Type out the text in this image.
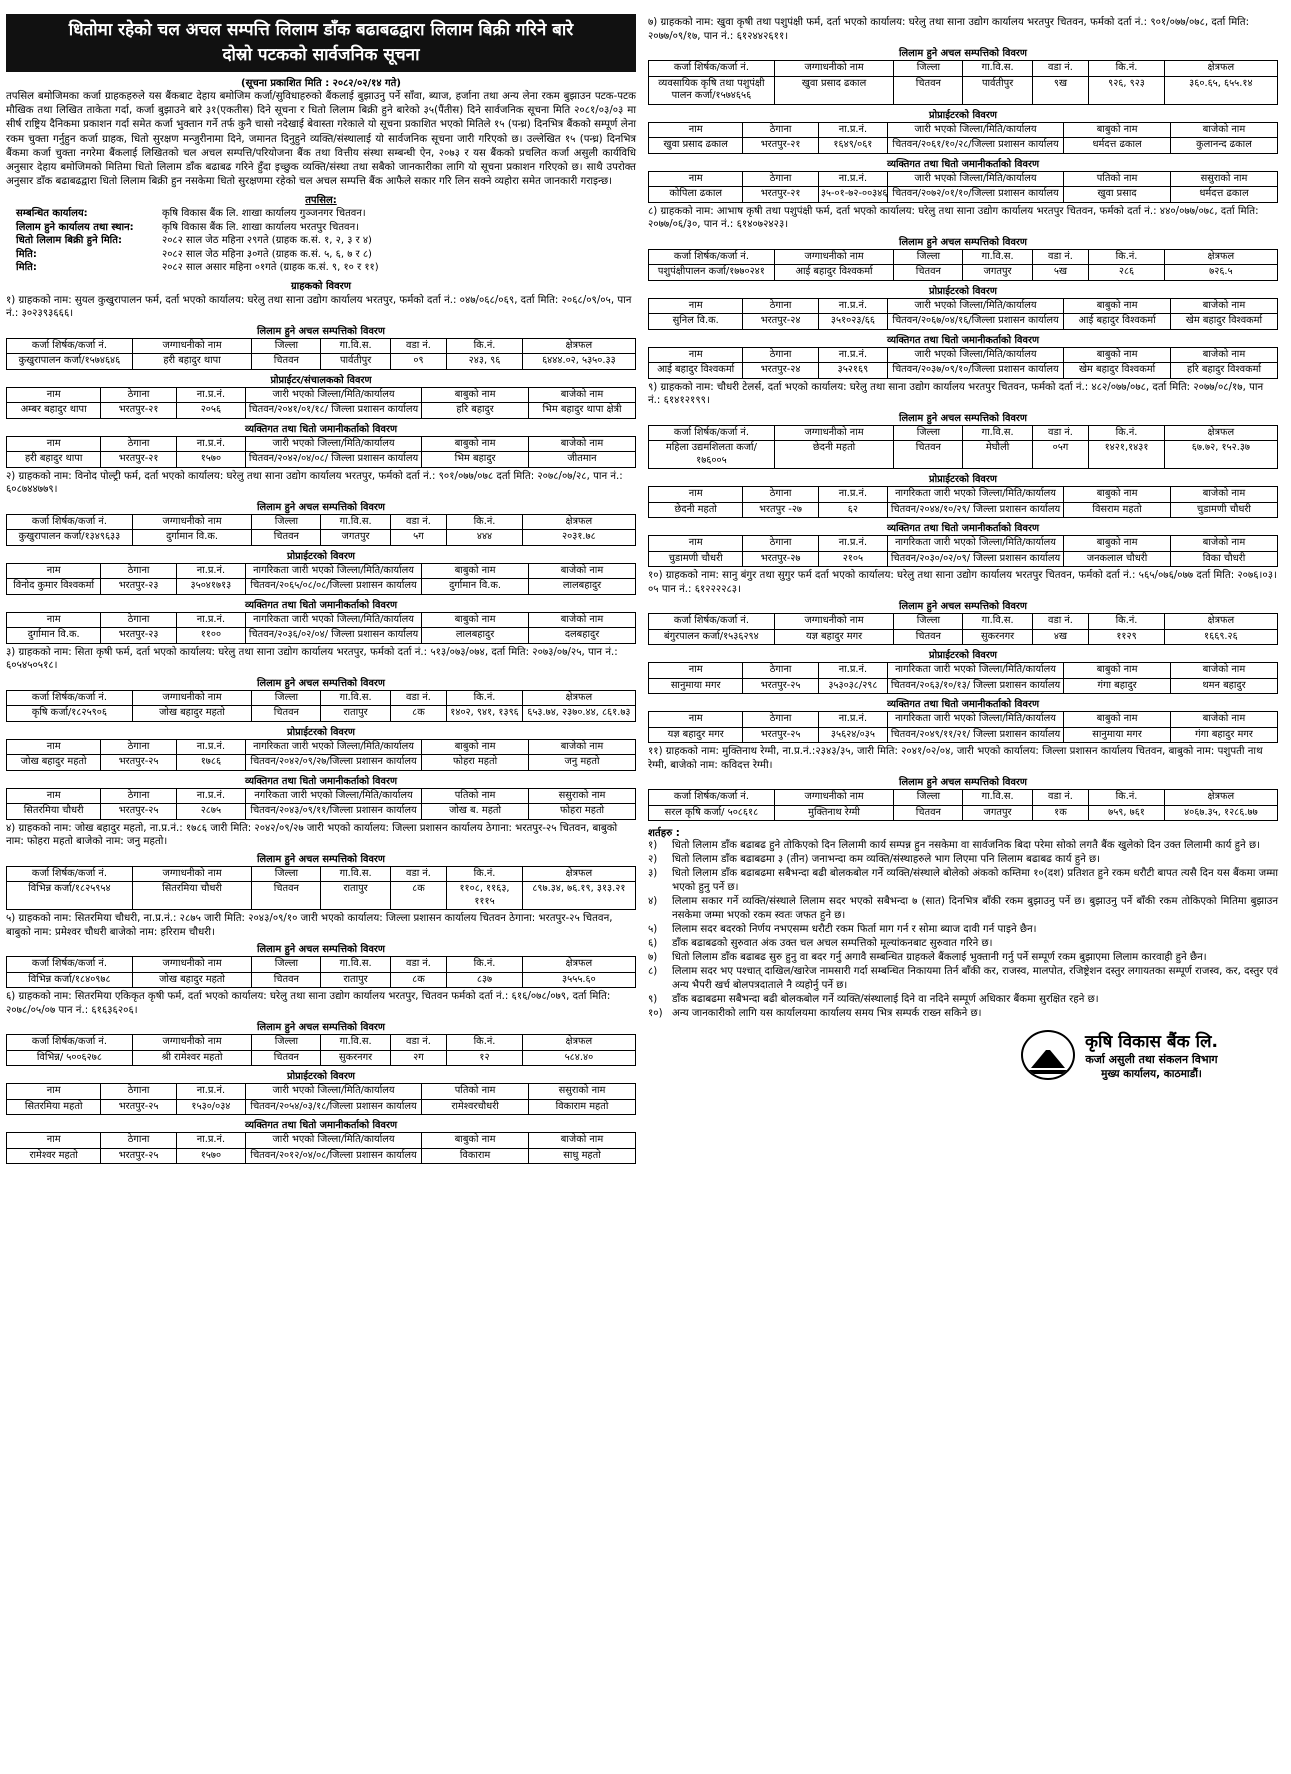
धितोमा रहेको चल अचल सम्पत्ति लिलाम डाँक बढाबढद्वारा लिलाम बिक्री गरिने बारे
दोस्रो पटकको सार्वजनिक सूचना
(सूचना प्रकाशित मिति : २०८२/०२/१४ गते)

तपसिल बमोजिमका कर्जा ग्राहकहरुले यस बैंकबाट देहाय बमोजिम कर्जा/सुविधाहरुको बैंकलाई बुझाउनु पर्ने साँवा, ब्याज, हर्जाना तथा अन्य लेना रकम बुझाउन पटक-पटक मौखिक तथा लिखित ताकेता गर्दा, कर्जा बुझाउने बारे ३१(एकतीस) दिने सूचना र धितो लिलाम बिक्री हुने बारेको ३५(पैंतीस) दिने सार्वजनिक सूचना मिति २०८१/०३/०३ मा सीर्ष राष्ट्रिय दैनिकमा प्रकाशन गर्दा समेत कर्जा भुक्तान गर्ने तर्फ कुनै चासो नदेखाई बेवास्ता गरेकाले यो सूचना प्रकाशित भएको मितिले १५ (पन्ध्र) दिनभित्र बैंकको सम्पूर्ण लेना रकम चुक्ता गर्नुहुन कर्जा ग्राहक, धितो सुरक्षण मन्जुरीनामा दिने, जमानत दिनुहुने व्यक्ति/संस्थालाई यो सार्वजनिक सूचना जारी गरिएको छ। उल्लेखित १५ (पन्ध्र) दिनभित्र बैंकमा कर्जा चुक्ता नगरेमा बैंकलाई लिखितको चल अचल सम्पत्ति/परियोजना बैंक तथा वित्तीय संस्था सम्बन्धी ऐन, २०७३ र यस बैंकको प्रचलित कर्जा असुली कार्यविधि अनुसार देहाय बमोजिमको मितिमा धितो लिलाम डाँक बढाबढ गरिने हुँदा इच्छुक व्यक्ति/संस्था तथा सबैको जानकारीका लागि यो सूचना प्रकाशन गरिएको छ। साथै उपरोक्त अनुसार डाँक बढाबढद्वारा धितो लिलाम बिक्री हुन नसकेमा धितो सुरक्षणमा रहेको चल अचल सम्पत्ति बैंक आफैले सकार गरि लिन सक्ने व्यहोरा समेत जानकारी गराइन्छ।

तपसिल:
सम्बन्धित कार्यालय:	कृषि विकास बैंक लि. शाखा कार्यालय गुञ्जनगर चितवन।
लिलाम हुने कार्यालय तथा स्थान:	कृषि विकास बैंक लि. शाखा कार्यालय भरतपुर चितवन।
धितो लिलाम बिक्री हुने मिति:	२०८२ साल जेठ महिना २९गते (ग्राहक क.सं. १, २, ३ र ४)
मिति:	२०८२ साल जेठ महिना ३०गते (ग्राहक क.सं. ५, ६, ७ र ८)
मिति:	२०८२ साल असार महिना ०१गते (ग्राहक क.सं. ९, १० र ११)
ग्राहकको विवरण
१) ग्राहकको नाम: सुयल कुखुरापालन फर्म, दर्ता भएको कार्यालय: घरेलु तथा साना उद्योग कार्यालय भरतपुर, फर्मको दर्ता नं.: ०४७/०६८/०६९, दर्ता मिति: २०६८/०९/०५, पान नं.: ३०२३९३६६६।
लिलाम हुने अचल सम्पत्तिको विवरण
कर्जा शिर्षक/कर्जा नं.	जग्गाधनीको नाम	जिल्ला	गा.वि.स.	वडा नं.	कि.नं.	क्षेत्रफल
कुखुरापालन कर्जा/१५७४६४६	हरी बहादुर थापा	चितवन	पार्वतीपुर	०९	२४३, ९६	६४४४.०२, ५३५०.३३
प्रोप्राईटर/संचालकको विवरण
नाम	ठेगाना	ना.प्र.नं.	जारी भएको जिल्ला/मिति/कार्यालय	बाबुको नाम	बाजेको नाम
अम्बर बहादुर थापा	भरतपुर-२१	२०५६	चितवन/२०४१/०१/१८/ जिल्ला प्रशासन कार्यालय	हरि बहादुर	भिम बहादुर थापा क्षेत्री
व्यक्तिगत तथा धितो जमानीकर्ताको विवरण
नाम	ठेगाना	ना.प्र.नं.	जारी भएको जिल्ला/मिति/कार्यालय	बाबुको नाम	बाजेको नाम
हरी बहादुर थापा	भरतपुर-२१	१५७०	चितवन/२०४२/०४/०८/ जिल्ला प्रशासन कार्यालय	भिम बहादुर	जीतमान
२) ग्राहकको नाम: विनोद पोल्ट्री फर्म, दर्ता भएको कार्यालय: घरेलु तथा साना उद्योग कार्यालय भरतपुर, फर्मको दर्ता नं.: ९०१/०७७/०७८ दर्ता मिति: २०७८/०७/२८, पान नं.: ६०८७४४७७९।
लिलाम हुने अचल सम्पत्तिको विवरण
कर्जा शिर्षक/कर्जा नं.	जग्गाधनीको नाम	जिल्ला	गा.वि.स.	वडा नं.	कि.नं.	क्षेत्रफल
कुखुरापालन कर्जा/१३४९६३३	दुर्गामान वि.क.	चितवन	जगतपुर	५ग	४४४	२०३१.७८
प्रोप्राईटरको विवरण
नाम	ठेगाना	ना.प्र.नं.	नागरिकता जारी भएको जिल्ला/मिति/कार्यालय	बाबुको नाम	बाजेको नाम
विनोद कुमार विश्वकर्मा	भरतपुर-२३	३५०४१७१३	चितवन/२०६५/०८/०८/जिल्ला प्रशासन कार्यालय	दुर्गामान वि.क.	लालबहादुर
व्यक्तिगत तथा धितो जमानीकर्ताको विवरण
नाम	ठेगाना	ना.प्र.नं.	नागरिकता जारी भएको जिल्ला/मिति/कार्यालय	बाबुको नाम	बाजेको नाम
दुर्गामान वि.क.	भरतपुर-२३	११००	चितवन/२०३६/०२/०४/ जिल्ला प्रशासन कार्यालय	लालबहादुर	दलबहादुर
३) ग्राहकको नाम: सिता कृषी फर्म, दर्ता भएको कार्यालय: घरेलु तथा साना उद्योग कार्यालय भरतपुर, फर्मको दर्ता नं.: ५१३/०७३/०७४, दर्ता मिति: २०७३/०७/२५, पान नं.: ६०५४५०५१८।
लिलाम हुने अचल सम्पत्तिको विवरण
कर्जा शिर्षक/कर्जा नं.	जग्गाधनीको नाम	जिल्ला	गा.वि.स.	वडा नं.	कि.नं.	क्षेत्रफल
कृषि कर्जा/१८२५९०६	जोख बहादुर महतो	चितवन	रातापुर	८क	१४०२, ९४१, १३९६	६५३.७४, २३७०.४४, ८६१.७३
प्रोप्राईटरको विवरण
नाम	ठेगाना	ना.प्र.नं.	नागरिकता जारी भएको जिल्ला/मिति/कार्यालय	बाबुको नाम	बाजेको नाम
जोख बहादुर महतो	भरतपुर-२५	१७८६	चितवन/२०४२/०९/२७/जिल्ला प्रशासन कार्यालय	फोहरा महतो	जनु महतो
व्यक्तिगत तथा धितो जमानीकर्ताको विवरण
नाम	ठेगाना	ना.प्र.नं.	नगरिकता जारी भएको जिल्ला/मिति/कार्यालय	पतिको नाम	ससुराको नाम
सितरमिया चौधरी	भरतपुर-२५	२८७५	चितवन/२०४३/०९/११/जिल्ला प्रशासन कार्यालय	जोख ब. महतो	फोहरा महतो
४) ग्राहकको नाम: जोख बहादुर महतो, ना.प्र.नं.: १७८६ जारी मिति: २०४२/०९/२७ जारी भएको कार्यालय: जिल्ला प्रशासन कार्यालय ठेगाना: भरतपुर-२५ चितवन, बाबुको नाम: फोहरा महतो बाजेको नाम: जनु महतो।
लिलाम हुने अचल सम्पत्तिको विवरण
कर्जा शिर्षक/कर्जा नं.	जग्गाधनीको नाम	जिल्ला	गा.वि.स.	वडा नं.	कि.नं.	क्षेत्रफल
विभिन्न कर्जा/१८२५९५४	सितरमिया चौधरी	चितवन	रातापुर	८क	११०८, ११६३, १११५	८९७.३४, ७६.१९, ३१३.२१
५) ग्राहकको नाम: सितरमिया चौधरी, ना.प्र.नं.: २८७५ जारी मिति: २०४३/०९/१० जारी भएको कार्यालय: जिल्ला प्रशासन कार्यालय चितवन ठेगाना: भरतपुर-२५ चितवन, बाबुको नाम: प्रमेश्वर चौधरी बाजेको नाम: हरिराम चौधरी।
लिलाम हुने अचल सम्पत्तिको विवरण
कर्जा शिर्षक/कर्जा नं.	जग्गाधनीको नाम	जिल्ला	गा.वि.स.	वडा नं.	कि.नं.	क्षेत्रफल
विभिन्न कर्जा/१८४०९७८	जोख बहादुर महतो	चितवन	रातापुर	८क	८३७	३५५५.६०
६) ग्राहकको नाम: सितरमिया एकिकृत कृषी फर्म, दर्ता भएको कार्यालय: घरेलु तथा साना उद्योग कार्यालय भरतपुर, चितवन फर्मको दर्ता नं.: ६१६/०७८/०७९, दर्ता मिति: २०७८/०५/०७ पान नं.: ६१६३६२०६।
लिलाम हुने अचल सम्पत्तिको विवरण
कर्जा शिर्षक/कर्जा नं.	जग्गाधनीको नाम	जिल्ला	गा.वि.स.	वडा नं.	कि.नं.	क्षेत्रफल
विभिन्न/ ५००६२७८	श्री रामेश्वर महतो	चितवन	सुकरनगर	२ग	१२	५८४.४०
प्रोप्राईटरको विवरण
नाम	ठेगाना	ना.प्र.नं.	जारी भएको जिल्ला/मिति/कार्यालय	पतिको नाम	ससुराको नाम
सितरमिया महतो	भरतपुर-२५	१५३०/०३४	चितवन/२०५४/०३/१८/जिल्ला प्रशासन कार्यालय	रामेश्वरचौधरी	विकाराम महतो
व्यक्तिगत तथा धितो जमानीकर्ताको विवरण
नाम	ठेगाना	ना.प्र.नं.	जारी भएको जिल्ला/मिति/कार्यालय	बाबुको नाम	बाजेको नाम
रामेश्वर महतो	भरतपुर-२५	१५७०	चितवन/२०१२/०४/०८/जिल्ला प्रशासन कार्यालय	विकाराम	साधु महतो
७) ग्राहकको नाम: खुवा कृषी तथा पशुपंक्षी फर्म, दर्ता भएको कार्यालय: घरेलु तथा साना उद्योग कार्यालय भरतपुर चितवन, फर्मको दर्ता नं.: ९०१/०७७/०७८, दर्ता मिति: २०७७/०९/१७, पान नं.: ६१२४४२६११।
लिलाम हुने अचल सम्पत्तिको विवरण
कर्जा शिर्षक/कर्जा नं.	जग्गाधनीको नाम	जिल्ला	गा.वि.स.	वडा नं.	कि.नं.	क्षेत्रफल
व्यवसायिक कृषि तथा पशुपंक्षी पालन कर्जा/१५७४६५६	खुवा प्रसाद ढकाल	चितवन	पार्वतीपुर	९ख	९२६, ९२३	३६०.६५, ६५५.१४
प्रोप्राईटरको विवरण
नाम	ठेगाना	ना.प्र.नं.	जारी भएको जिल्ला/मिति/कार्यालय	बाबुको नाम	बाजेको नाम
खुवा प्रसाद ढकाल	भरतपुर-२१	१६४९/०६१	चितवन/२०६१/१०/२८/जिल्ला प्रशासन कार्यालय	धर्मदत्त ढकाल	कुलानन्द ढकाल
व्यक्तिगत तथा धितो जमानीकर्ताको विवरण
नाम	ठेगाना	ना.प्र.नं.	जारी भएको जिल्ला/मिति/कार्यालय	पतिको नाम	ससुराको नाम
कोपिला ढकाल	भरतपुर-२१	३५-०१-७२-००३४६	चितवन/२०७२/०१/१०/जिल्ला प्रशासन कार्यालय	खुवा प्रसाद	धर्मदत्त ढकाल
८) ग्राहकको नाम: आभाष कृषी तथा पशुपंक्षी फर्म, दर्ता भएको कार्यालय: घरेलु तथा साना उद्योग कार्यालय भरतपुर चितवन, फर्मको दर्ता नं.: ४४०/०७७/०७८, दर्ता मिति: २०७७/०६/३०, पान नं.: ६१४०७२४२३।
लिलाम हुने अचल सम्पत्तिको विवरण
कर्जा शिर्षक/कर्जा नं.	जग्गाधनीको नाम	जिल्ला	गा.वि.स.	वडा नं.	कि.नं.	क्षेत्रफल
पशुपंक्षीपालन कर्जा/१७७०२४१	आई बहादुर विश्वकर्मा	चितवन	जगतपुर	५ख	२८६	७२६.५
प्रोप्राईटरको विवरण
नाम	ठेगाना	ना.प्र.नं.	जारी भएको जिल्ला/मिति/कार्यालय	बाबुको नाम	बाजेको नाम
सुनिल वि.क.	भरतपुर-२४	३५१०२३/६६	चितवन/२०६७/०४/१६/जिल्ला प्रशासन कार्यालय	आई बहादुर विश्वकर्मा	खेम बहादुर विश्वकर्मा
व्यक्तिगत तथा धितो जमानीकर्ताको विवरण
नाम	ठेगाना	ना.प्र.नं.	जारी भएको जिल्ला/मिति/कार्यालय	बाबुको नाम	बाजेको नाम
आई बहादुर विश्वकर्मा	भरतपुर-२४	३५२१६९	चितवन/२०३७/०९/१०/जिल्ला प्रशासन कार्यालय	खेम बहादुर विश्वकर्मा	हरि बहादुर विश्वकर्मा
९) ग्राहकको नाम: चौधरी टेलर्स, दर्ता भएको कार्यालय: घरेलु तथा साना उद्योग कार्यालय भरतपुर चितवन, फर्मको दर्ता नं.: ४८२/०७७/०७८, दर्ता मिति: २०७७/०८/१७, पान नं.: ६१४१२१९९।
लिलाम हुने अचल सम्पत्तिको विवरण
कर्जा शिर्षक/कर्जा नं.	जग्गाधनीको नाम	जिल्ला	गा.वि.स.	वडा नं.	कि.नं.	क्षेत्रफल
महिला उद्यमशिलता कर्जा/१७६००५	छेदनी महतो	चितवन	मेघौली	०५ग	१४२१,१४३१	६७.७२, १५२.३७
प्रोप्राईटरको विवरण
नाम	ठेगाना	ना.प्र.नं.	नागरिकता जारी भएको जिल्ला/मिति/कार्यालय	बाबुको नाम	बाजेको नाम
छेदनी महतो	भरतपुर -२७	६२	चितवन/२०४४/१०/२९/ जिल्ला प्रशासन कार्यालय	विसराम महतो	चुडामणी चौधरी
व्यक्तिगत तथा धितो जमानीकर्ताको विवरण
नाम	ठेगाना	ना.प्र.नं.	नागरिकता जारी भएको जिल्ला/मिति/कार्यालय	बाबुको नाम	बाजेको नाम
चुडामणी चौधरी	भरतपुर-२७	२१०५	चितवन/२०३०/०२/०९/ जिल्ला प्रशासन कार्यालय	जनकलाल चौधरी	विका चौधरी
१०) ग्राहकको नाम: सानु बंगुर तथा सुगुर फर्म दर्ता भएको कार्यालय: घरेलु तथा साना उद्योग कार्यालय भरतपुर चितवन, फर्मको दर्ता नं.: ५६५/०७६/०७७ दर्ता मिति: २०७६।०३।०५ पान नं.: ६१२२२२८३।
लिलाम हुने अचल सम्पत्तिको विवरण
कर्जा शिर्षक/कर्जा नं.	जग्गाधनीको नाम	जिल्ला	गा.वि.स.	वडा नं.	कि.नं.	क्षेत्रफल
बंगुरपालन कर्जा/१५३६२९४	यज्ञ बहादुर मगर	चितवन	सुकरनगर	४ख	११२९	१६६९.२६
प्रोप्राईटरको विवरण
नाम	ठेगाना	ना.प्र.नं.	नागरिकता जारी भएको जिल्ला/मिति/कार्यालय	बाबुको नाम	बाजेको नाम
सानुमाया मगर	भरतपुर-२५	३५३०३८/२९८	चितवन/२०६३/१०/१३/ जिल्ला प्रशासन कार्यालय	गंगा बहादुर	थमन बहादुर
व्यक्तिगत तथा धितो जमानीकर्ताको विवरण
नाम	ठेगाना	ना.प्र.नं.	नागरिकता जारी भएको जिल्ला/मिति/कार्यालय	बाबुको नाम	बाजेको नाम
यज्ञ बहादुर मगर	भरतपुर-२५	३५६२४/०३५	चितवन/२०४९/११/२१/ जिल्ला प्रशासन कार्यालय	सानुमाया मगर	गंगा बहादुर मगर
११) ग्राहकको नाम: मुक्तिनाथ रेग्मी, ना.प्र.नं.:२३४३/३५, जारी मिति: २०४१/०२/०४, जारी भएको कार्यालय: जिल्ला प्रशासन कार्यालय चितवन, बाबुको नाम: पशुपती नाथ रेग्मी, बाजेको नाम: कविदत्त रेग्मी।
लिलाम हुने अचल सम्पत्तिको विवरण
कर्जा शिर्षक/कर्जा नं.	जग्गाधनीको नाम	जिल्ला	गा.वि.स.	वडा नं.	कि.नं.	क्षेत्रफल
सरल कृषि कर्जा/ ५०८६१८	मुक्तिनाथ रेग्मी	चितवन	जगतपुर	१क	७५९, ७६१	४०६७.३५, १२८६.७७
शर्तहरु :
१)	धितो लिलाम डाँक बढाबढ हुने तोकिएको दिन लिलामी कार्य सम्पन्न हुन नसकेमा वा सार्वजनिक बिदा परेमा सोको लगतै बैंक खुलेको दिन उक्त लिलामी कार्य हुने छ।
२)	धितो लिलाम डाँक बढाबढमा ३ (तीन) जनाभन्दा कम व्यक्ति/संस्थाहरुले भाग लिएमा पनि लिलाम बढाबढ कार्य हुने छ।
३)	धितो लिलाम डाँक बढाबढमा सबैभन्दा बढी बोलकबोल गर्ने व्यक्ति/संस्थाले बोलेको अंकको कम्तिमा १०(दश) प्रतिशत हुने रकम धरौटी बापत त्यसै दिन यस बैंकमा जम्मा भएको हुनु पर्ने छ।
४)	लिलाम सकार गर्ने व्यक्ति/संस्थाले लिलाम सदर भएको सबैभन्दा ७ (सात) दिनभित्र बाँकी रकम बुझाउनु पर्ने छ। बुझाउनु पर्ने बाँकी रकम तोकिएको मितिमा बुझाउन नसकेमा जम्मा भएको रकम स्वतः जफत हुने छ।
५)	लिलाम सदर बदरको निर्णय नभएसम्म धरौटी रकम फिर्ता माग गर्न र सोमा ब्याज दावी गर्न पाइने छैन।
६)	डाँक बढाबढको सुरुवात अंक उक्त चल अचल सम्पत्तिको मूल्यांकनबाट सुरुवात गरिने छ।
७)	धितो लिलाम डाँक बढाबढ सुरु हुनु वा बदर गर्नु अगावै सम्बन्धित ग्राहकले बैंकलाई भुक्तानी गर्नु पर्ने सम्पूर्ण रकम बुझाएमा लिलाम कारवाही हुने छैन।
८)	लिलाम सदर भए पश्चात् दाखिल/खारेज नामसारी गर्दा सम्बन्धित निकायमा तिर्न बाँकी कर, राजस्व, मालपोत, रजिष्ट्रेशन दस्तुर लगायतका सम्पूर्ण राजस्व, कर, दस्तुर एवं अन्य भैपरी खर्च बोलपत्रदाताले नै व्यहोर्नु पर्ने छ।
९)	डाँक बढाबढमा सबैभन्दा बढी बोलकबोल गर्ने व्यक्ति/संस्थालाई दिने वा नदिने सम्पूर्ण अधिकार बैंकमा सुरक्षित रहने छ।
१०) अन्य जानकारीको लागि यस कार्यालयमा कार्यालय समय भित्र सम्पर्क राख्न सकिने छ।
कृषि विकास बैंक लि.
कर्जा असुली तथा संकलन विभाग
मुख्य कार्यालय, काठमाडौं।
